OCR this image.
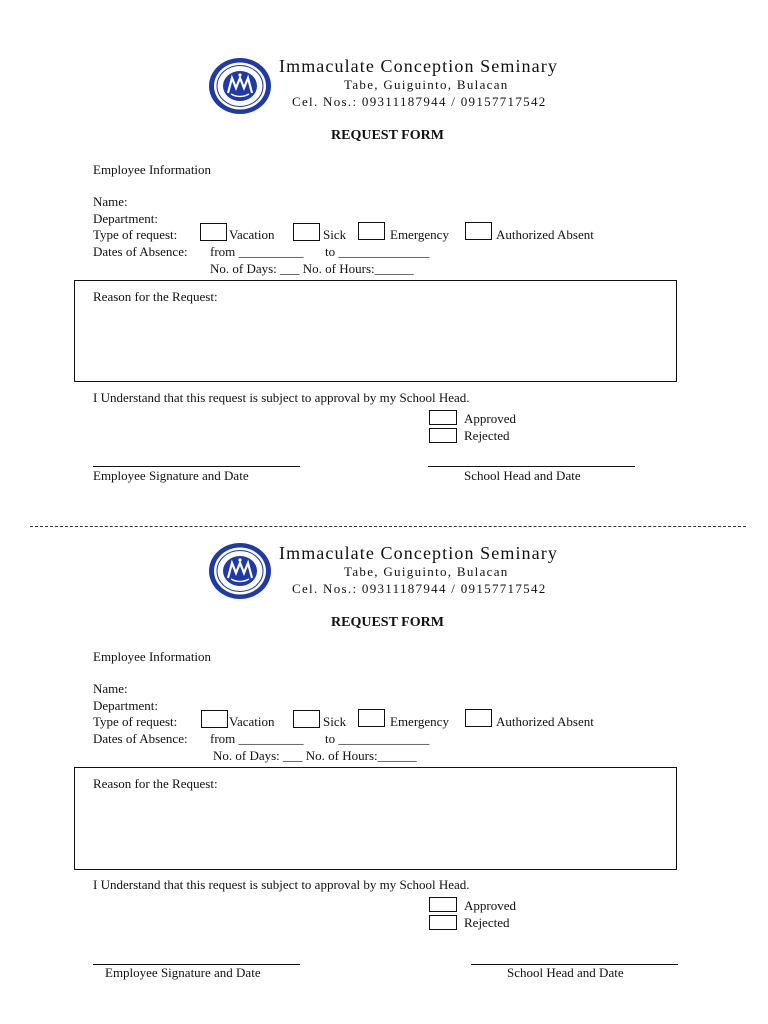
Immaculate Conception Seminary
Tabe, Guiguinto, Bulacan
Cel. Nos.: 09311187944 / 09157717542
REQUEST FORM
Employee Information
Name:
Department:
Type of request:	Vacation	Sick	Emergency	Authorized Absent
Dates of Absence: from __________ to ______________
No. of Days: ___ No. of Hours:______
Reason for the Request:
I Understand that this request is subject to approval by my School Head.
Approved
Rejected
Employee Signature and Date	School Head and Date
Immaculate Conception Seminary
Tabe, Guiguinto, Bulacan
Cel. Nos.: 09311187944 / 09157717542
REQUEST FORM
Employee Information
Name:
Department:
Type of request:	Vacation	Sick	Emergency	Authorized Absent
Dates of Absence: from __________ to ______________
No. of Days: ___ No. of Hours:______
Reason for the Request:
I Understand that this request is subject to approval by my School Head.
Approved
Rejected
Employee Signature and Date	School Head and Date
